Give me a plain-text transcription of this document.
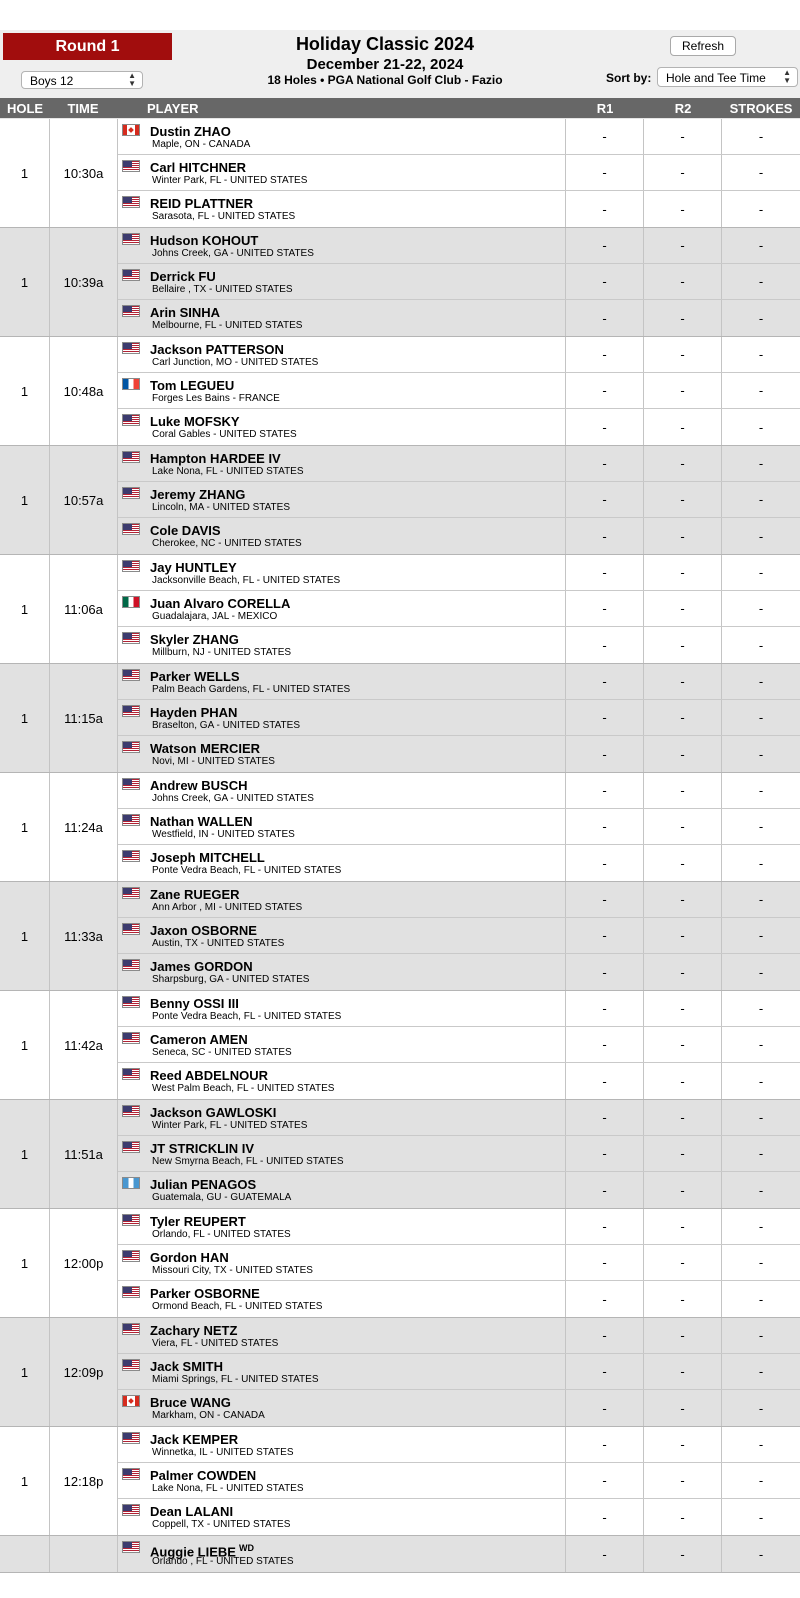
Round 1
Boys 12	▲
▼
Holiday Classic 2024
December 21-22, 2024
18 Holes • PGA National Golf Club - Fazio
Refresh
Sort by:	Hole and Tee Time ▲
▼
HOLE	TIME	PLAYER	R1	R2	STROKES
1	10:30a
Dustin ZHAO
Maple, ON - CANADA
-	-	-
Carl HITCHNER
Winter Park, FL - UNITED STATES
-	-	-
REID PLATTNER
Sarasota, FL - UNITED STATES	-	-	-
1	10:39a
Hudson KOHOUT
Johns Creek, GA - UNITED STATES
-	-	-
Derrick FU
Bellaire , TX - UNITED STATES
-	-	-
Arin SINHA
Melbourne, FL - UNITED STATES	-	-	-
1	10:48a
Jackson PATTERSON
Carl Junction, MO - UNITED STATES
-	-	-
Tom LEGUEU
Forges Les Bains - FRANCE
-	-	-
Luke MOFSKY
Coral Gables - UNITED STATES	-	-	-
1	10:57a
Hampton HARDEE IV
Lake Nona, FL - UNITED STATES
-	-	-
Jeremy ZHANG
Lincoln, MA - UNITED STATES
-	-	-
Cole DAVIS
Cherokee, NC - UNITED STATES	-	-	-
1	11:06a
Jay HUNTLEY
Jacksonville Beach, FL - UNITED STATES
-	-	-
Juan Alvaro CORELLA
Guadalajara, JAL - MEXICO
-	-	-
Skyler ZHANG
Millburn, NJ - UNITED STATES	-	-	-
1	11:15a
Parker WELLS
Palm Beach Gardens, FL - UNITED STATES
-	-	-
Hayden PHAN
Braselton, GA - UNITED STATES
-	-	-
Watson MERCIER
Novi, MI - UNITED STATES	-	-	-
1	11:24a
Andrew BUSCH
Johns Creek, GA - UNITED STATES
-	-	-
Nathan WALLEN
Westfield, IN - UNITED STATES
-	-	-
Joseph MITCHELL
Ponte Vedra Beach, FL - UNITED STATES	-	-	-
1	11:33a
Zane RUEGER
Ann Arbor , MI - UNITED STATES
-	-	-
Jaxon OSBORNE
Austin, TX - UNITED STATES
-	-	-
James GORDON
Sharpsburg, GA - UNITED STATES	-	-	-
1	11:42a
Benny OSSI III
Ponte Vedra Beach, FL - UNITED STATES
-	-	-
Cameron AMEN
Seneca, SC - UNITED STATES
-	-	-
Reed ABDELNOUR
West Palm Beach, FL - UNITED STATES	-	-	-
1	11:51a
Jackson GAWLOSKI
Winter Park, FL - UNITED STATES
-	-	-
JT STRICKLIN IV
New Smyrna Beach, FL - UNITED STATES
-	-	-
Julian PENAGOS
Guatemala, GU - GUATEMALA	-	-	-
1	12:00p
Tyler REUPERT
Orlando, FL - UNITED STATES
-	-	-
Gordon HAN
Missouri City, TX - UNITED STATES
-	-	-
Parker OSBORNE
Ormond Beach, FL - UNITED STATES	-	-	-
1	12:09p
Zachary NETZ
Viera, FL - UNITED STATES
-	-	-
Jack SMITH
Miami Springs, FL - UNITED STATES
-	-	-
Bruce WANG
Markham, ON - CANADA	-	-	-
1	12:18p
Jack KEMPER
Winnetka, IL - UNITED STATES
-	-	-
Palmer COWDEN
Lake Nona, FL - UNITED STATES
-	-	-
Dean LALANI
Coppell, TX - UNITED STATES	-	-	-
Auggie LIEBE $^{WD}$
Orlando , FL - UNITED STATES	-	-	-
